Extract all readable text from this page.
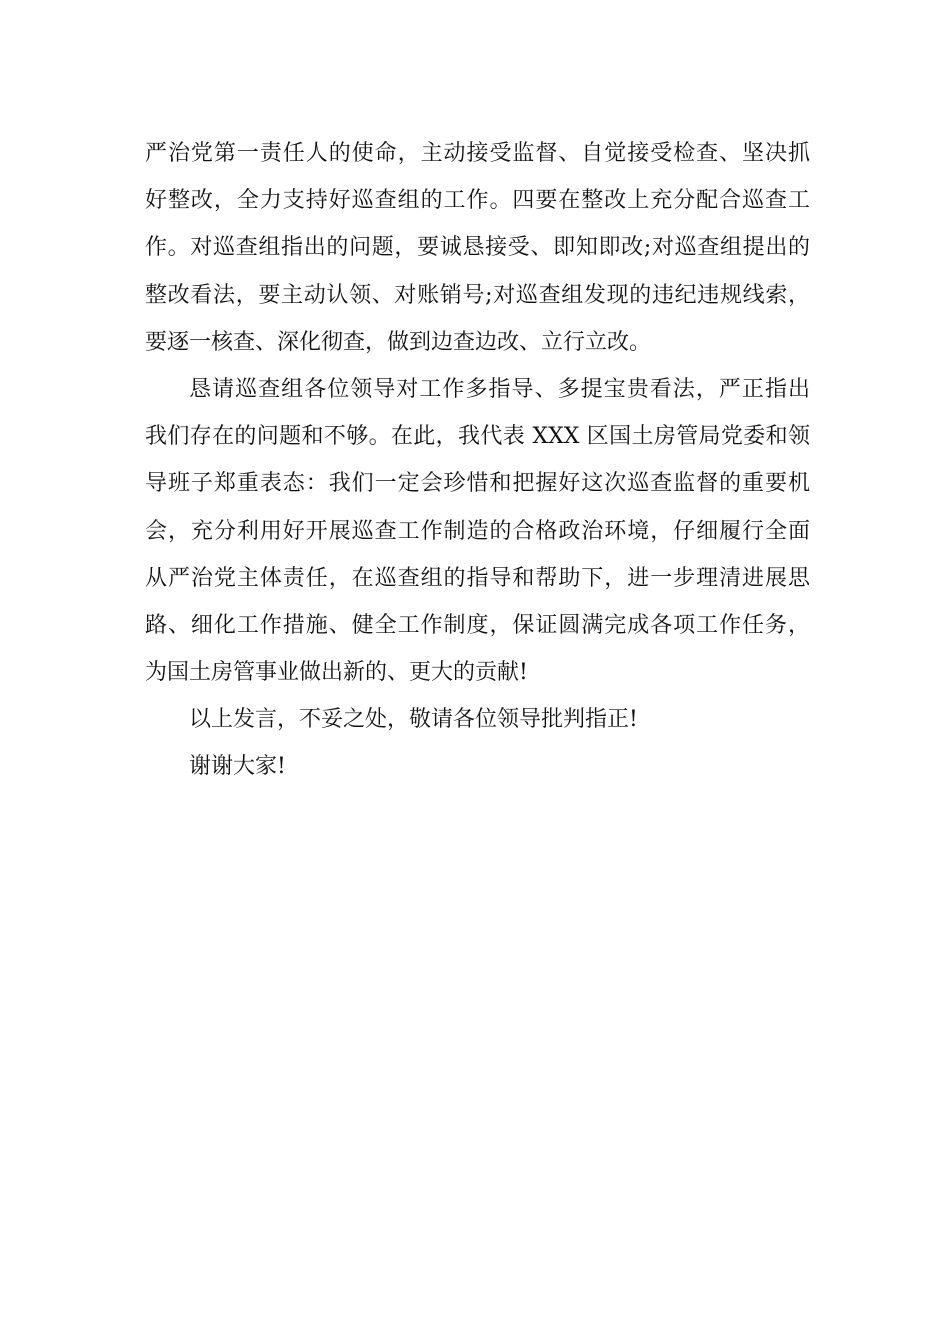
严治党第一责任人的使命，主动接受监督、自觉接受检查、坚决抓
好整改，全力支持好巡查组的工作。四要在整改上充分配合巡查工
作。对巡查组指出的问题，要诚恳接受、即知即改;对巡查组提出的
整改看法，要主动认领、对账销号;对巡查组发现的违纪违规线索，
要逐一核查、深化彻查，做到边查边改、立行立改。
恳请巡查组各位领导对工作多指导、多提宝贵看法，严正指出
我们存在的问题和不够。在此，我代表 XXX 区国土房管局党委和领
导班子郑重表态：我们一定会珍惜和把握好这次巡查监督的重要机
会，充分利用好开展巡查工作制造的合格政治环境，仔细履行全面
从严治党主体责任，在巡查组的指导和帮助下，进一步理清进展思
路、细化工作措施、健全工作制度，保证圆满完成各项工作任务，
为国土房管事业做出新的、更大的贡献!
以上发言，不妥之处，敬请各位领导批判指正!
谢谢大家!
